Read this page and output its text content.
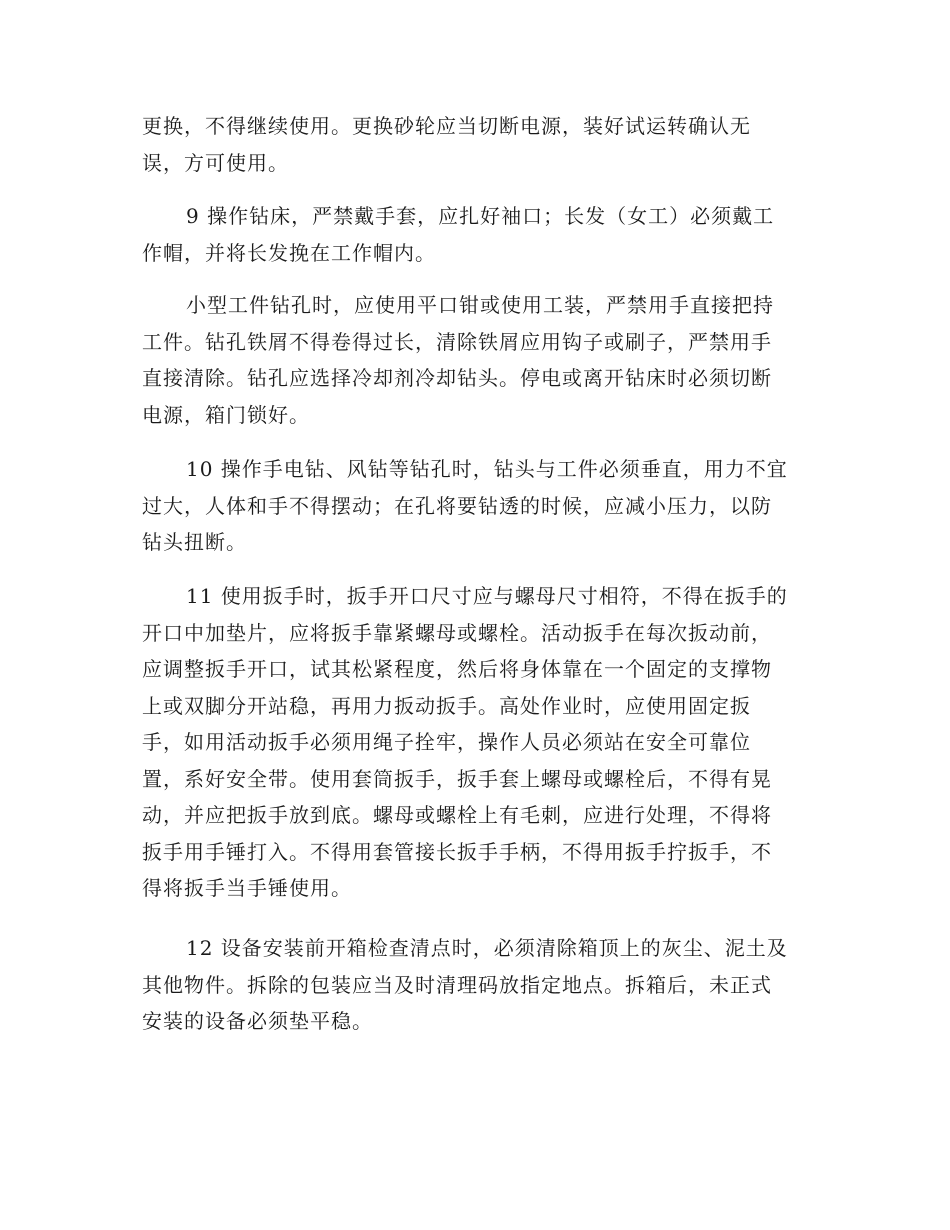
更换，不得继续使用。更换砂轮应当切断电源，装好试运转确认无
误，方可使用。
9 操作钻床，严禁戴手套，应扎好袖口；长发（女工）必须戴工
作帽，并将长发挽在工作帽内。
小型工件钻孔时，应使用平口钳或使用工装，严禁用手直接把持
工件。钻孔铁屑不得卷得过长，清除铁屑应用钩子或刷子，严禁用手
直接清除。钻孔应选择冷却剂冷却钻头。停电或离开钻床时必须切断
电源，箱门锁好。
10 操作手电钻、风钻等钻孔时，钻头与工件必须垂直，用力不宜
过大，人体和手不得摆动；在孔将要钻透的时候，应减小压力，以防
钻头扭断。
11 使用扳手时，扳手开口尺寸应与螺母尺寸相符，不得在扳手的
开口中加垫片，应将扳手靠紧螺母或螺栓。活动扳手在每次扳动前，
应调整扳手开口，试其松紧程度，然后将身体靠在一个固定的支撑物
上或双脚分开站稳，再用力扳动扳手。高处作业时，应使用固定扳
手，如用活动扳手必须用绳子拴牢，操作人员必须站在安全可靠位
置，系好安全带。使用套筒扳手，扳手套上螺母或螺栓后，不得有晃
动，并应把扳手放到底。螺母或螺栓上有毛刺，应进行处理，不得将
扳手用手锤打入。不得用套管接长扳手手柄，不得用扳手拧扳手，不
得将扳手当手锤使用。
12 设备安装前开箱检查清点时，必须清除箱顶上的灰尘、泥土及
其他物件。拆除的包装应当及时清理码放指定地点。拆箱后，未正式
安装的设备必须垫平稳。
